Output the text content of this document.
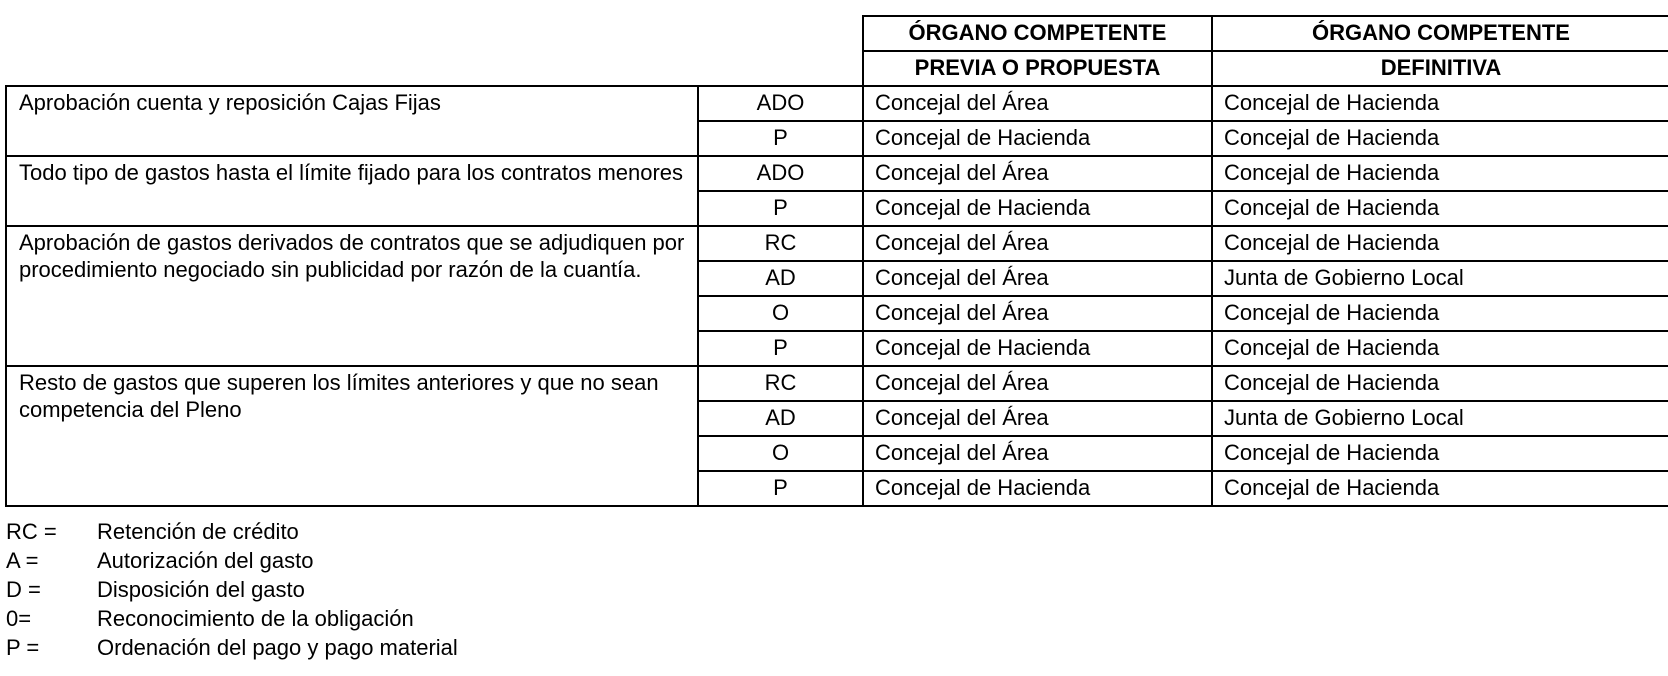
		ÓRGANO COMPETENTE	ÓRGANO COMPETENTE
		PREVIA O PROPUESTA	DEFINITIVA
Aprobación cuenta y reposición Cajas Fijas	ADO	Concejal del Área	Concejal de Hacienda
	P	Concejal de Hacienda	Concejal de Hacienda
Todo tipo de gastos hasta el límite fijado para los contratos menores	ADO	Concejal del Área	Concejal de Hacienda
	P	Concejal de Hacienda	Concejal de Hacienda
Aprobación de gastos derivados de contratos que se adjudiquen por procedimiento negociado sin publicidad por razón de la cuantía.	RC	Concejal del Área	Concejal de Hacienda
	AD	Concejal del Área	Junta de Gobierno Local
	O	Concejal del Área	Concejal de Hacienda
	P	Concejal de Hacienda	Concejal de Hacienda
Resto de gastos que superen los límites anteriores y que no sean competencia del Pleno	RC	Concejal del Área	Concejal de Hacienda
	AD	Concejal del Área	Junta de Gobierno Local
	O	Concejal del Área	Concejal de Hacienda
	P	Concejal de Hacienda	Concejal de Hacienda
RC =	Retención de crédito
A =	Autorización del gasto
D =	Disposición del gasto
0=	Reconocimiento de la obligación
P =	Ordenación del pago y pago material
